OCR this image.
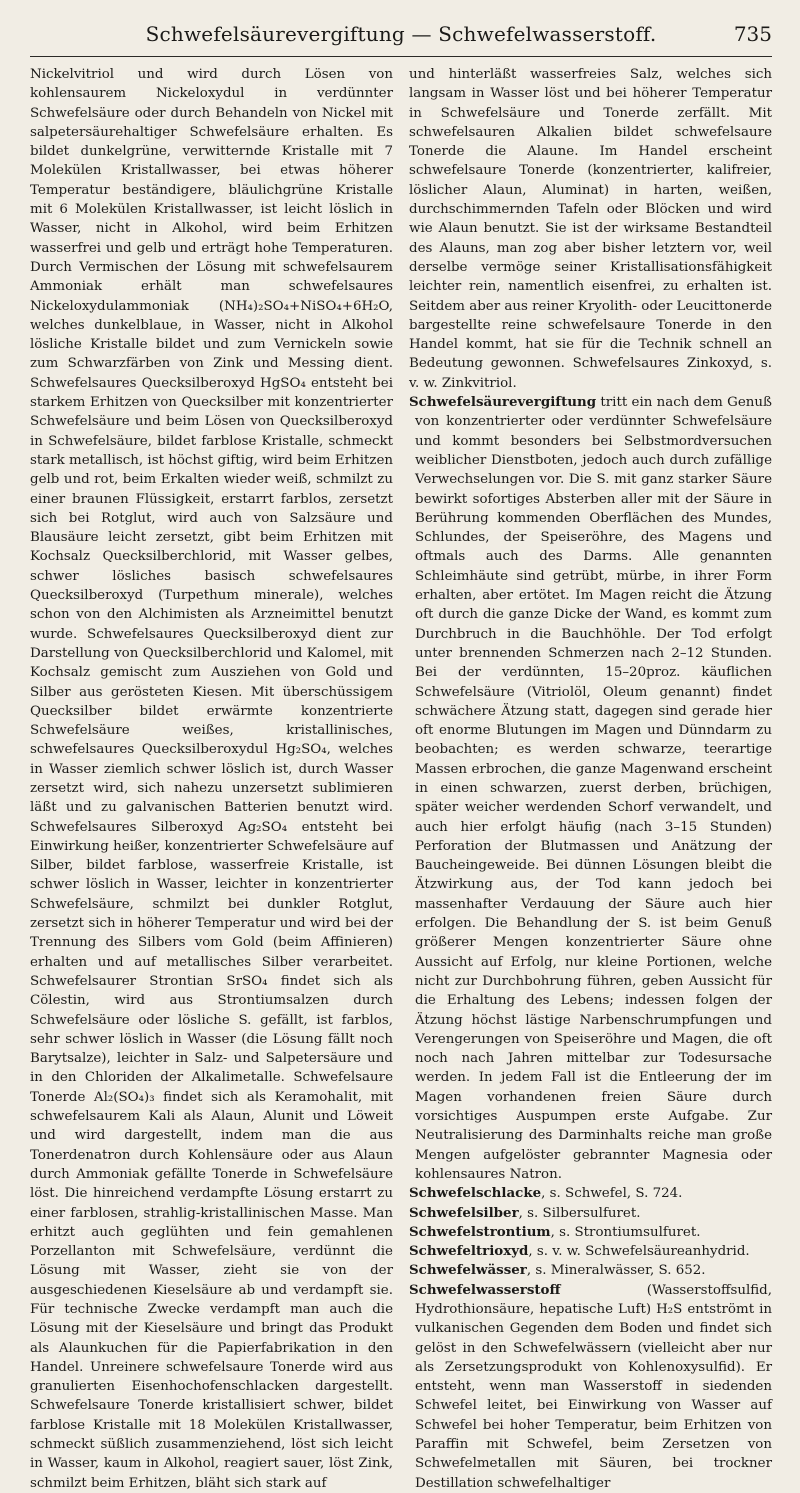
Schwefelsäurevergiftung — Schwefelwasserstoff.	735

Nickelvitriol und wird durch Lösen von kohlensaurem Nickeloxydul in verdünnter Schwefelsäure oder durch Behandeln von Nickel mit salpetersäurehaltiger Schwefelsäure erhalten. Es bildet dunkelgrüne, verwitternde Kristalle mit 7 Molekülen Kristallwasser, bei etwas höherer Temperatur beständigere, bläulichgrüne Kristalle mit 6 Molekülen Kristallwasser, ist leicht löslich in Wasser, nicht in Alkohol, wird beim Erhitzen wasserfrei und gelb und erträgt hohe Temperaturen. Durch Vermischen der Lösung mit schwefelsaurem Ammoniak erhält man schwefelsaures Nickeloxydulammoniak (NH₄)₂SO₄+NiSO₄+6H₂O, welches dunkelblaue, in Wasser, nicht in Alkohol lösliche Kristalle bildet und zum Vernickeln sowie zum Schwarzfärben von Zink und Messing dient. Schwefelsaures Quecksilberoxyd HgSO₄ entsteht bei starkem Erhitzen von Quecksilber mit konzentrierter Schwefelsäure und beim Lösen von Quecksilberoxyd in Schwefelsäure, bildet farblose Kristalle, schmeckt stark metallisch, ist höchst giftig, wird beim Erhitzen gelb und rot, beim Erkalten wieder weiß, schmilzt zu einer braunen Flüssigkeit, erstarrt farblos, zersetzt sich bei Rotglut, wird auch von Salzsäure und Blausäure leicht zersetzt, gibt beim Erhitzen mit Kochsalz Quecksilberchlorid, mit Wasser gelbes, schwer lösliches basisch schwefelsaures Quecksilberoxyd (Turpethum minerale), welches schon von den Alchimisten als Arzneimittel benutzt wurde. Schwefelsaures Quecksilberoxyd dient zur Darstellung von Quecksilberchlorid und Kalomel, mit Kochsalz gemischt zum Ausziehen von Gold und Silber aus gerösteten Kiesen. Mit überschüssigem Quecksilber bildet erwärmte konzentrierte Schwefelsäure weißes, kristallinisches, schwefelsaures Quecksilberoxydul Hg₂SO₄, welches in Wasser ziemlich schwer löslich ist, durch Wasser zersetzt wird, sich nahezu unzersetzt sublimieren läßt und zu galvanischen Batterien benutzt wird. Schwefelsaures Silberoxyd Ag₂SO₄ entsteht bei Einwirkung heißer, konzentrierter Schwefelsäure auf Silber, bildet farblose, wasserfreie Kristalle, ist schwer löslich in Wasser, leichter in konzentrierter Schwefelsäure, schmilzt bei dunkler Rotglut, zersetzt sich in höherer Temperatur und wird bei der Trennung des Silbers vom Gold (beim Affinieren) erhalten und auf metallisches Silber verarbeitet. Schwefelsaurer Strontian SrSO₄ findet sich als Cölestin, wird aus Strontiumsalzen durch Schwefelsäure oder lösliche S. gefällt, ist farblos, sehr schwer löslich in Wasser (die Lösung fällt noch Barytsalze), leichter in Salz- und Salpetersäure und in den Chloriden der Alkalimetalle. Schwefelsaure Tonerde Al₂(SO₄)₃ findet sich als Keramohalit, mit schwefelsaurem Kali als Alaun, Alunit und Löweit und wird dargestellt, indem man die aus Tonerdenatron durch Kohlensäure oder aus Alaun durch Ammoniak gefällte Tonerde in Schwefelsäure löst. Die hinreichend verdampfte Lösung erstarrt zu einer farblosen, strahlig-kristallinischen Masse. Man erhitzt auch geglühten und fein gemahlenen Porzellanton mit Schwefelsäure, verdünnt die Lösung mit Wasser, zieht sie von der ausgeschiedenen Kieselsäure ab und verdampft sie. Für technische Zwecke verdampft man auch die Lösung mit der Kieselsäure und bringt das Produkt als Alaunkuchen für die Papierfabrikation in den Handel. Unreinere schwefelsaure Tonerde wird aus granulierten Eisenhochofenschlacken dargestellt. Schwefelsaure Tonerde kristallisiert schwer, bildet farblose Kristalle mit 18 Molekülen Kristallwasser, schmeckt süßlich zusammenziehend, löst sich leicht in Wasser, kaum in Alkohol, reagiert sauer, löst Zink, schmilzt beim Erhitzen, bläht sich stark auf

und hinterläßt wasserfreies Salz, welches sich langsam in Wasser löst und bei höherer Temperatur in Schwefelsäure und Tonerde zerfällt. Mit schwefelsauren Alkalien bildet schwefelsaure Tonerde die Alaune. Im Handel erscheint schwefelsaure Tonerde (konzentrierter, kalifreier, löslicher Alaun, Aluminat) in harten, weißen, durchschimmernden Tafeln oder Blöcken und wird wie Alaun benutzt. Sie ist der wirksame Bestandteil des Alauns, man zog aber bisher letztern vor, weil derselbe vermöge seiner Kristallisationsfähigkeit leichter rein, namentlich eisenfrei, zu erhalten ist. Seitdem aber aus reiner Kryolith- oder Leucittonerde bargestellte reine schwefelsaure Tonerde in den Handel kommt, hat sie für die Technik schnell an Bedeutung gewonnen. Schwefelsaures Zinkoxyd, s. v. w. Zinkvitriol.

Schwefelsäurevergiftung tritt ein nach dem Genuß von konzentrierter oder verdünnter Schwefelsäure und kommt besonders bei Selbstmordversuchen weiblicher Dienstboten, jedoch auch durch zufällige Verwechselungen vor. Die S. mit ganz starker Säure bewirkt sofortiges Absterben aller mit der Säure in Berührung kommenden Oberflächen des Mundes, Schlundes, der Speiseröhre, des Magens und oftmals auch des Darms. Alle genannten Schleimhäute sind getrübt, mürbe, in ihrer Form erhalten, aber ertötet. Im Magen reicht die Ätzung oft durch die ganze Dicke der Wand, es kommt zum Durchbruch in die Bauchhöhle. Der Tod erfolgt unter brennenden Schmerzen nach 2–12 Stunden. Bei der verdünnten, 15–20proz. käuflichen Schwefelsäure (Vitriolöl, Oleum genannt) findet schwächere Ätzung statt, dagegen sind gerade hier oft enorme Blutungen im Magen und Dünndarm zu beobachten; es werden schwarze, teerartige Massen erbrochen, die ganze Magenwand erscheint in einen schwarzen, zuerst derben, brüchigen, später weicher werdenden Schorf verwandelt, und auch hier erfolgt häufig (nach 3–15 Stunden) Perforation der Blutmassen und Anätzung der Baucheingeweide. Bei dünnen Lösungen bleibt die Ätzwirkung aus, der Tod kann jedoch bei massenhafter Verdauung der Säure auch hier erfolgen. Die Behandlung der S. ist beim Genuß größerer Mengen konzentrierter Säure ohne Aussicht auf Erfolg, nur kleine Portionen, welche nicht zur Durchbohrung führen, geben Aussicht für die Erhaltung des Lebens; indessen folgen der Ätzung höchst lästige Narbenschrumpfungen und Verengerungen von Speiseröhre und Magen, die oft noch nach Jahren mittelbar zur Todesursache werden. In jedem Fall ist die Entleerung der im Magen vorhandenen freien Säure durch vorsichtiges Auspumpen erste Aufgabe. Zur Neutralisierung des Darminhalts reiche man große Mengen aufgelöster gebrannter Magnesia oder kohlensaures Natron.

Schwefelschlacke, s. Schwefel, S. 724.

Schwefelsilber, s. Silbersulfuret.

Schwefelstrontium, s. Strontiumsulfuret.

Schwefeltrioxyd, s. v. w. Schwefelsäureanhydrid.

Schwefelwässer, s. Mineralwässer, S. 652.

Schwefelwasserstoff (Wasserstoffsulfid, Hydrothionsäure, hepatische Luft) H₂S entströmt in vulkanischen Gegenden dem Boden und findet sich gelöst in den Schwefelwässern (vielleicht aber nur als Zersetzungsprodukt von Kohlenoxysulfid). Er entsteht, wenn man Wasserstoff in siedenden Schwefel leitet, bei Einwirkung von Wasser auf Schwefel bei hoher Temperatur, beim Erhitzen von Paraffin mit Schwefel, beim Zersetzen von Schwefelmetallen mit Säuren, bei trockner Destillation schwefelhaltiger
